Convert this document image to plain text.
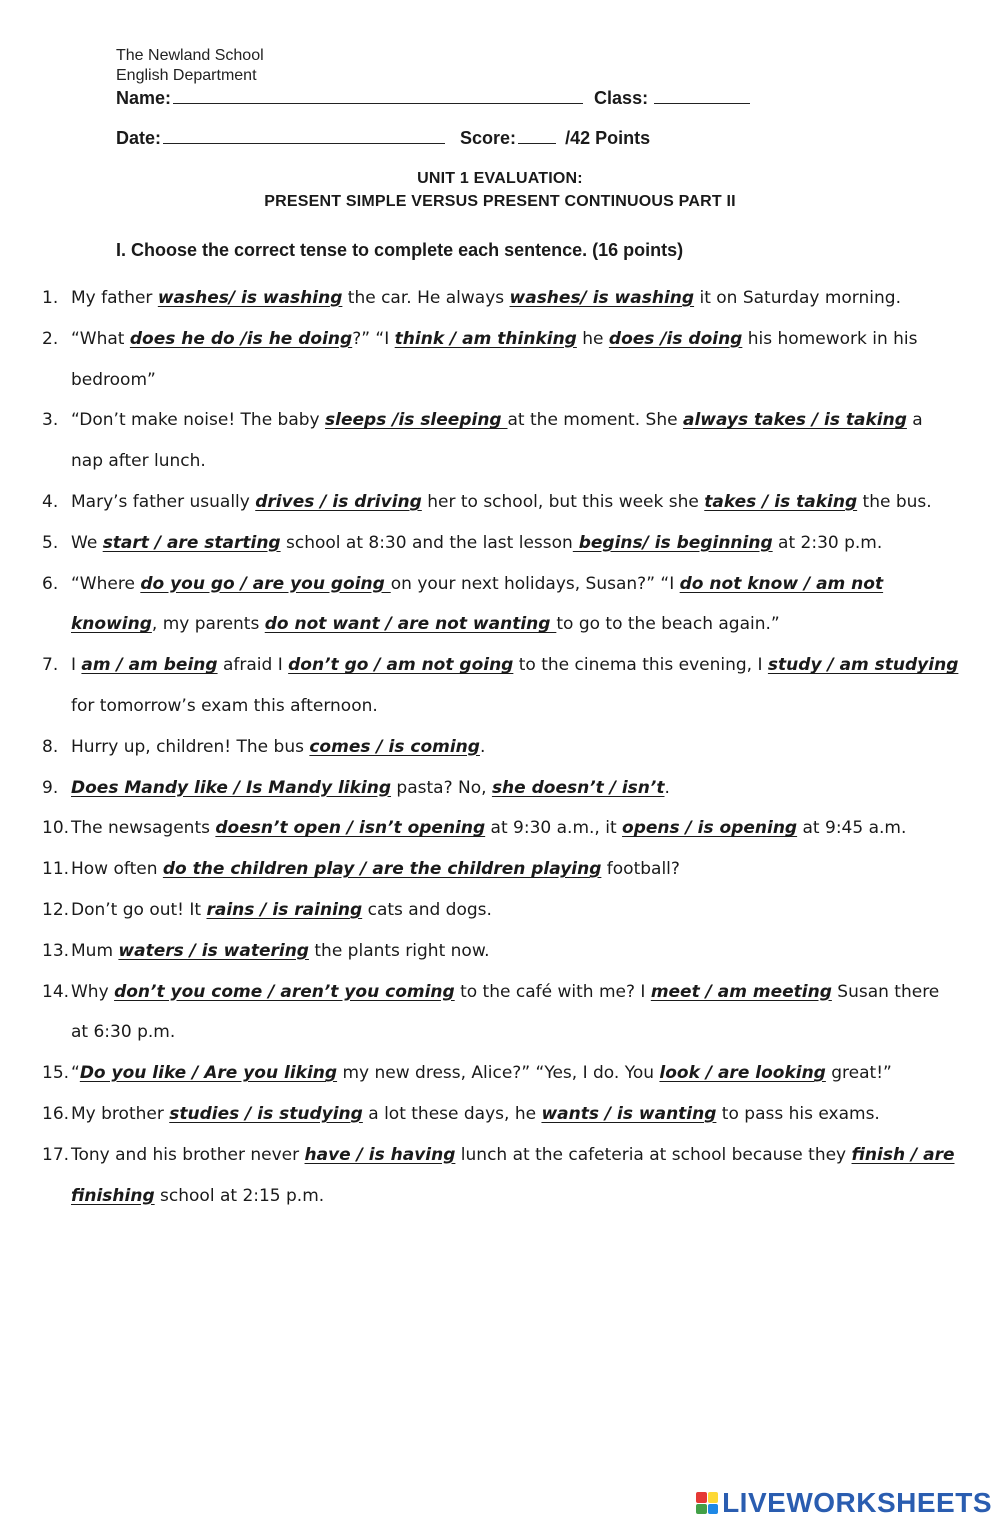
The Newland School
English Department
Name:	Class:
Date:	Score:	/42 Points
UNIT 1 EVALUATION:
PRESENT SIMPLE VERSUS PRESENT CONTINUOUS PART II
I. Choose the correct tense to complete each sentence. (16 points)
1. My father washes/ is washing the car. He always washes/ is washing it on Saturday morning.
2. “What does he do /is he doing?” “I think / am thinking he does /is doing his homework in his bedroom”
3. “Don’t make noise! The baby sleeps /is sleeping at the moment. She always takes / is taking a nap after lunch.
4. Mary’s father usually drives / is driving her to school, but this week she takes / is taking the bus.
5. We start / are starting school at 8:30 and the last lesson begins/ is beginning at 2:30 p.m.
6. “Where do you go / are you going on your next holidays, Susan?” “I do not know / am not knowing, my parents do not want / are not wanting to go to the beach again.”
7. I am / am being afraid I don’t go / am not going to the cinema this evening, I study / am studying for tomorrow’s exam this afternoon.
8. Hurry up, children! The bus comes / is coming.
9. Does Mandy like / Is Mandy liking pasta? No, she doesn’t / isn’t.
10. The newsagents doesn’t open / isn’t opening at 9:30 a.m., it opens / is opening at 9:45 a.m.
11. How often do the children play / are the children playing football?
12. Don’t go out! It rains / is raining cats and dogs.
13. Mum waters / is watering the plants right now.
14. Why don’t you come / aren’t you coming to the café with me? I meet / am meeting Susan there at 6:30 p.m.
15. “Do you like / Are you liking my new dress, Alice?” “Yes, I do. You look / are looking great!”
16. My brother studies / is studying a lot these days, he wants / is wanting to pass his exams.
17. Tony and his brother never have / is having lunch at the cafeteria at school because they finish / are finishing school at 2:15 p.m.
LIVEWORKSHEETS
